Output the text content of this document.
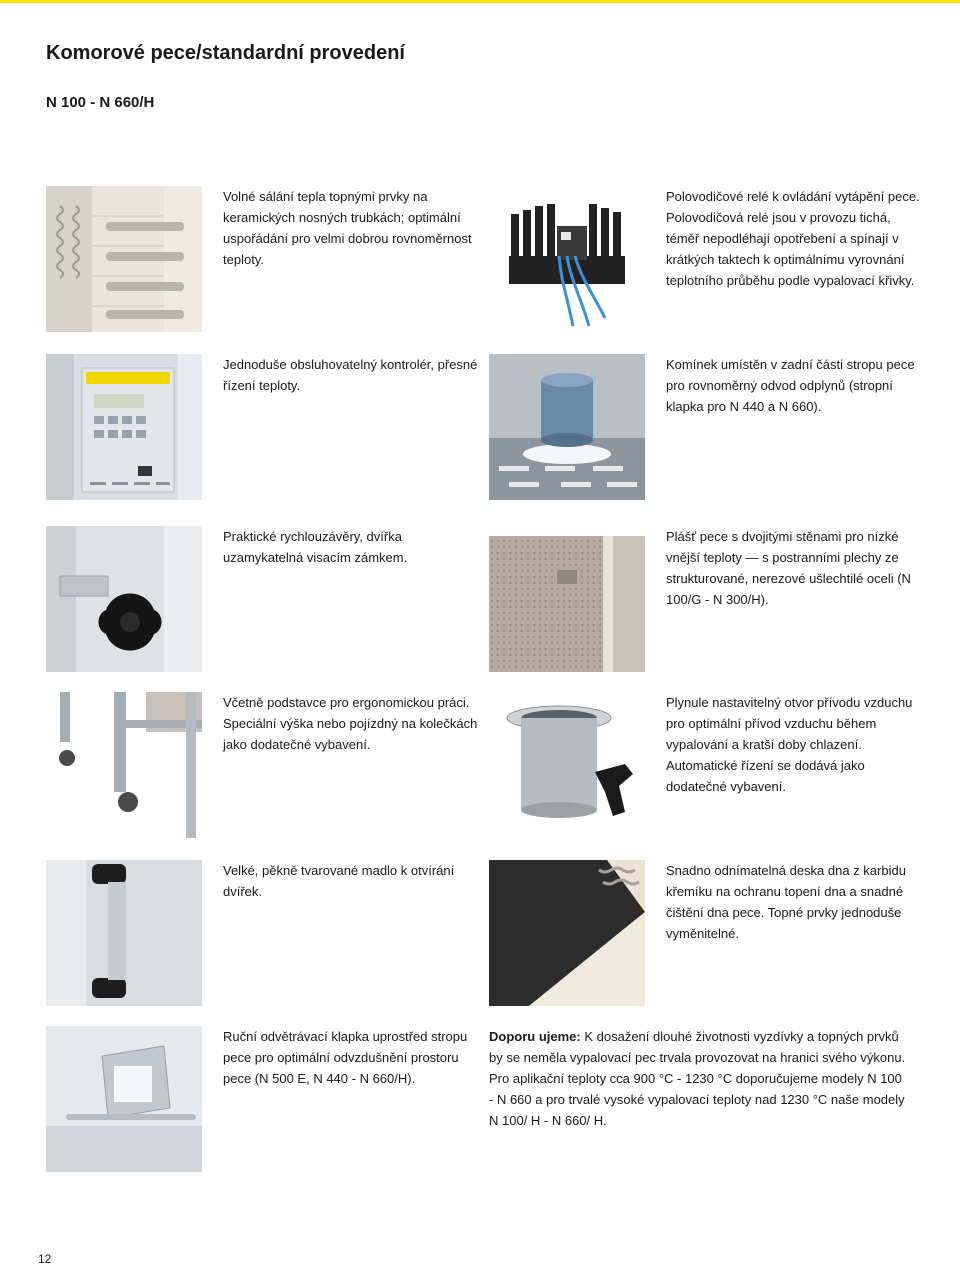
Komorové pece/standardní provedení
N 100 - N 660/H

Volné sálání tepla topnými prvky na keramických nosných trubkách; optimální uspořádání pro velmi dobrou rovnoměrnost teploty.

Polovodičové relé k ovládání vytápění pece. Polovodičová relé jsou v provozu tichá, téměř nepodléhají opotřebení a spínají v krátkých taktech k optimálnímu vyrovnání teplotního průběhu podle vypalovací křivky.

Jednoduše obsluhovatelný kontrolér, přesné řízení teploty.

Komínek umístěn v zadní části stropu pece pro rovnoměrný odvod odplynů (stropní klapka pro N 440 a N 660).

Praktické rychlouzávěry, dvířka uzamykatelná visacím zámkem.

Plášť pece s dvojitými stěnami pro nízké vnější teploty — s postranními plechy ze strukturované, nerezové ušlechtilé oceli (N 100/G - N 300/H).

Včetně podstavce pro ergonomickou práci. Speciální výška nebo pojízdný na kolečkách jako dodatečné vybavení.

Plynule nastavitelný otvor přívodu vzduchu pro optimální přívod vzduchu během vypalování a kratší doby chlazení. Automatické řízení se dodává jako dodatečné vybavení.

Velké, pěkně tvarované madlo k otvírání dvířek.

Snadno odnímatelná deska dna z karbidu křemíku na ochranu topení dna a snadné čištění dna pece. Topné prvky jednoduše vyměnitelné.

Ruční odvětrávací klapka uprostřed stropu pece pro optimální odvzdušnění prostoru pece (N 500 E, N 440 - N 660/H).

Doporu ujeme: K dosažení dlouhé životnosti vyzdívky a topných prvků by se neměla vypalovací pec trvala provozovat na hranici svého výkonu. Pro aplikační teploty cca 900 °C - 1230 °C doporučujeme modely N 100 - N 660 a pro trvalé vysoké vypalovací teploty nad 1230 °C naše modely N 100/ H - N 660/ H.

12
